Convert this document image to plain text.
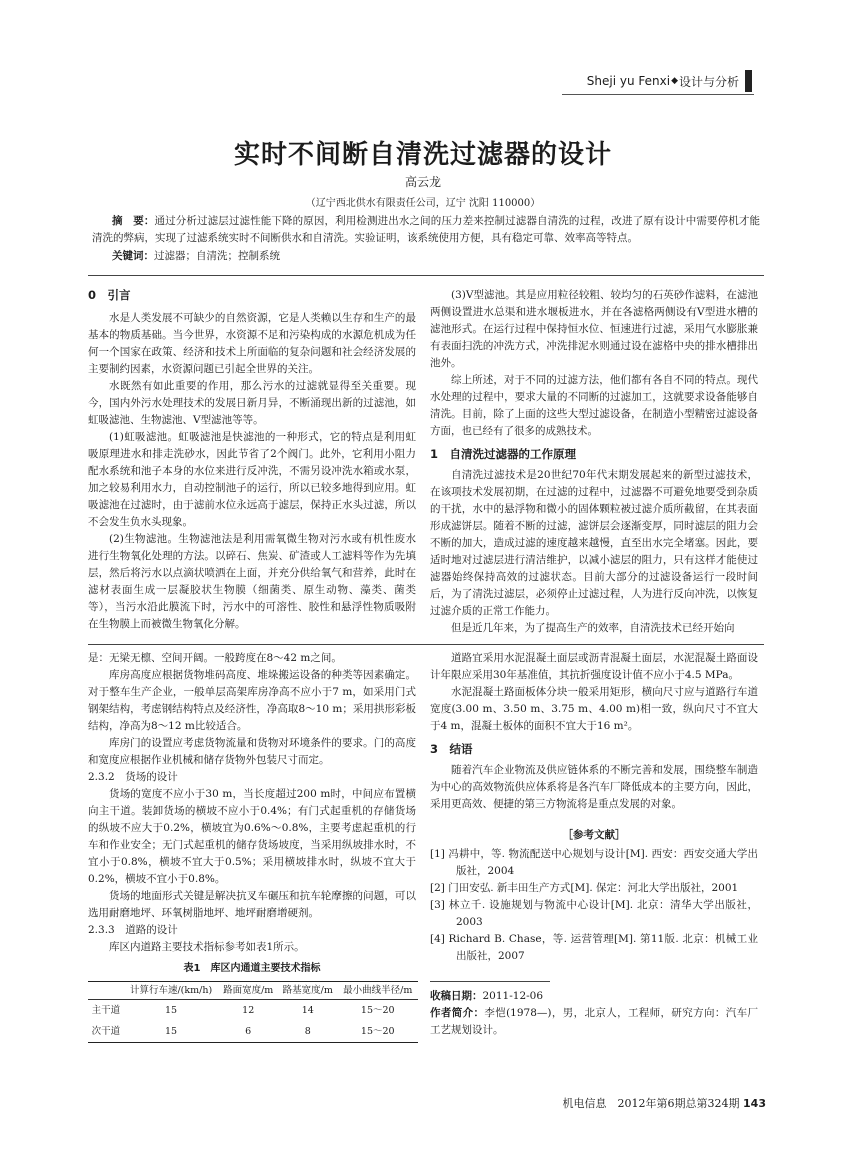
Sheji yu Fenxi ◆ 设计与分析
实时不间断自清洗过滤器的设计
高云龙
（辽宁西北供水有限责任公司，辽宁 沈阳 110000）
摘　要：通过分析过滤层过滤性能下降的原因，利用检测进出水之间的压力差来控制过滤器自清洗的过程，改进了原有设计中需要停机才能清洗的弊病，实现了过滤系统实时不间断供水和自清洗。实验证明，该系统使用方便，具有稳定可靠、效率高等特点。
关键词：过滤器；自清洗；控制系统
0　引言

水是人类发展不可缺少的自然资源，它是人类赖以生存和生产的最基本的物质基础。当今世界，水资源不足和污染构成的水源危机成为任何一个国家在政策、经济和技术上所面临的复杂问题和社会经济发展的主要制约因素，水资源问题已引起全世界的关注。

水既然有如此重要的作用，那么污水的过滤就显得至关重要。现今，国内外污水处理技术的发展日新月异，不断涌现出新的过滤池，如虹吸滤池、生物滤池、V型滤池等等。

(1)虹吸滤池。虹吸滤池是快滤池的一种形式，它的特点是利用虹吸原理进水和排走洗砂水，因此节省了2个阀门。此外，它利用小阻力配水系统和池子本身的水位来进行反冲洗，不需另设冲洗水箱或水泵，加之较易利用水力，自动控制池子的运行，所以已较多地得到应用。虹吸滤池在过滤时，由于滤前水位永远高于滤层，保持正水头过滤，所以不会发生负水头现象。

(2)生物滤池。生物滤池法是利用需氧微生物对污水或有机性废水进行生物氧化处理的方法。以碎石、焦炭、矿渣或人工滤料等作为先填层，然后将污水以点滴状喷洒在上面，并充分供给氧气和营养，此时在滤材表面生成一层凝胶状生物膜（细菌类、原生动物、藻类、菌类等），当污水沿此膜流下时，污水中的可溶性、胶性和悬浮性物质吸附在生物膜上而被微生物氧化分解。

(3)V型滤池。其是应用粒径较粗、较均匀的石英砂作滤料，在滤池两侧设置进水总渠和进水堰板进水，并在各滤格两侧设有V型进水槽的滤池形式。在运行过程中保持恒水位、恒速进行过滤，采用气水膨胀兼有表面扫洗的冲洗方式，冲洗排泥水则通过设在滤格中央的排水槽排出池外。

综上所述，对于不同的过滤方法，他们都有各自不同的特点。现代水处理的过程中，要求大量的不同断的过滤加工，这就要求设备能够自清洗。目前，除了上面的这些大型过滤设备，在制造小型精密过滤设备方面，也已经有了很多的成熟技术。

1　自清洗过滤器的工作原理

自清洗过滤技术是20世纪70年代末期发展起来的新型过滤技术，在该项技术发展初期，在过滤的过程中，过滤器不可避免地要受到杂质的干扰，水中的悬浮物和微小的固体颗粒被过滤介质所截留，在其表面形成滤饼层。随着不断的过滤，滤饼层会逐渐变厚，同时滤层的阻力会不断的加大，造成过滤的速度越来越慢，直至出水完全堵塞。因此，要适时地对过滤层进行清洁维护，以减小滤层的阻力，只有这样才能使过滤器始终保持高效的过滤状态。目前大部分的过滤设备运行一段时间后，为了清洗过滤层，必须停止过滤过程，人为进行反向冲洗，以恢复过滤介质的正常工作能力。

但是近几年来，为了提高生产的效率，自清洗技术已经开始向

是：无梁无檩、空间开阔。一般跨度在8～42 m之间。

库房高度应根据货物堆码高度、堆垛搬运设备的种类等因素确定。对于整车生产企业，一般单层高架库房净高不应小于7 m，如采用门式钢架结构，考虑钢结构特点及经济性，净高取8～10 m；采用拱形彩板结构，净高为8～12 m比较适合。

库房门的设置应考虑货物流量和货物对环境条件的要求。门的高度和宽度应根据作业机械和储存货物外包装尺寸而定。

2.3.2　货场的设计

货场的宽度不应小于30 m，当长度超过200 m时，中间应布置横向主干道。装卸货场的横坡不应小于0.4%；有门式起重机的存储货场的纵坡不应大于0.2%，横坡宜为0.6%～0.8%，主要考虑起重机的行车和作业安全；无门式起重机的储存货场坡度，当采用纵坡排水时，不宜小于0.8%，横坡不宜大于0.5%；采用横坡排水时，纵坡不宜大于0.2%，横坡不宜小于0.8%。

货场的地面形式关键是解决抗叉车碾压和抗车轮摩擦的问题，可以选用耐磨地坪、环氧树脂地坪、地坪耐磨增硬剂。

2.3.3　道路的设计

库区内道路主要技术指标参考如表1所示。

表1　库区内通道主要技术指标
	计算行车速/(km/h)	路面宽度/m	路基宽度/m	最小曲线半径/m
主干道	15	12	14	15～20
次干道	15	6	8	15～20

道路宜采用水泥混凝土面层或沥青混凝土面层，水泥混凝土路面设计年限应采用30年基准值，其抗折强度设计值不应小于4.5 MPa。

水泥混凝土路面板体分块一般采用矩形，横向尺寸应与道路行车道宽度(3.00 m、3.50 m、3.75 m、4.00 m)相一致，纵向尺寸不宜大于4 m，混凝土板体的面积不宜大于16 m²。

3　结语

随着汽车企业物流及供应链体系的不断完善和发展，围绕整车制造为中心的高效物流供应体系将是各汽车厂降低成本的主要方向，因此，采用更高效、便捷的第三方物流将是重点发展的对象。

［参考文献］
[1] 冯耕中，等. 物流配送中心规划与设计[M]. 西安：西安交通大学出版社，2004
[2] 门田安弘. 新丰田生产方式[M]. 保定：河北大学出版社，2001
[3] 林立千. 设施规划与物流中心设计[M]. 北京：清华大学出版社，2003
[4] Richard B. Chase，等. 运营管理[M]. 第11版. 北京：机械工业出版社，2007
收稿日期：2011-12-06
作者简介：李恺(1978—)，男，北京人，工程师，研究方向：汽车厂工艺规划设计。
机电信息　2012年第6期总第324期 143
